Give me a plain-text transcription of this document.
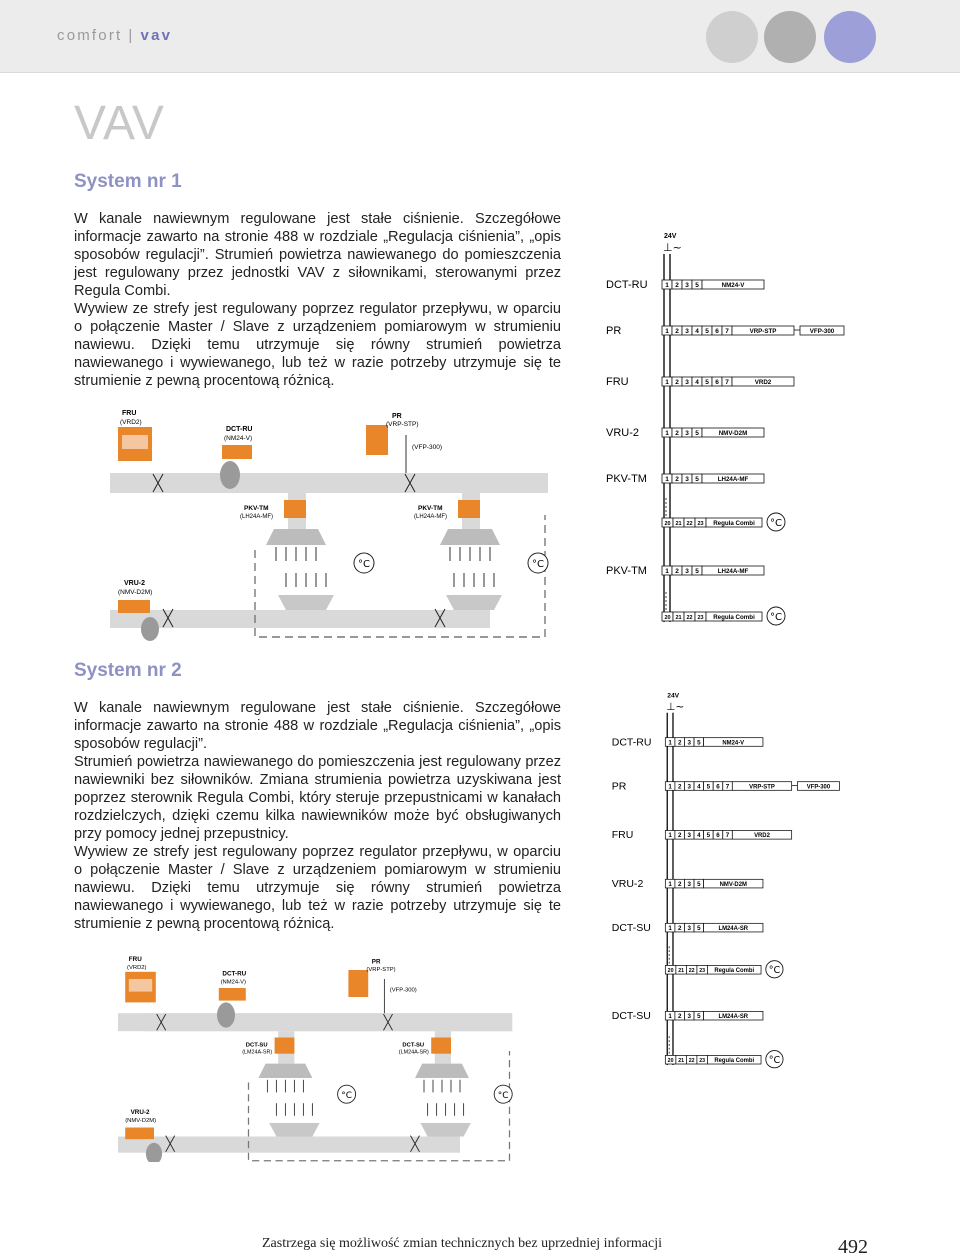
comfort | vav
VAV
System nr 1

W kanale nawiewnym regulowane jest stałe ciśnienie. Szczegółowe informacje zawarto na stronie 488 w rozdziale „Regulacja ciśnienia”, „opis sposobów regulacji”. Strumień powietrza nawiewanego do pomieszczenia jest regulowany przez jednostki VAV z siłownikami, sterowanymi przez Regula Combi.

Wywiew ze strefy jest regulowany poprzez regulator przepływu, w oparciu o połączenie Master / Slave z urządzeniem pomiarowym w strumieniu nawiewu. Dzięki temu utrzymuje się równy strumień powietrza nawiewanego i wywiewanego, lub też w razie potrzeby utrzymuje się te strumienie z pewną procentową różnicą.

24V
⊥~
DCT-RU	1 2 3 5	NM24-V
PR	1 2 3 4 5 6 7	VRP-STP	VFP-300
FRU	1 2 3 4 5 6 7	VRD2
VRU-2	1 2 3 5	NMV-D2M
PKV-TM	1 2 3 5	LH24A-MF
20 21 22 23 Regula Combi °C
PKV-TM	1 2 3 5	LH24A-MF
20 21 22 23 Regula Combi °C
FRU
(VRD2)
DCT-RU
(NM24-V)
PR
(VRP-STP)
(VFP-300)
PKV-TM
(LH24A-MF)
°C
PKV-TM
(LH24A-MF)
°C
VRU-2
(NMV-D2M)
System nr 2

W kanale nawiewnym regulowane jest stałe ciśnienie. Szczegółowe informacje zawarto na stronie 488 w rozdziale „Regulacja ciśnienia”, „opis sposobów regulacji”.

Strumień powietrza nawiewanego do pomieszczenia jest regulowany przez nawiewniki bez siłowników. Zmiana strumienia powietrza uzyskiwana jest poprzez sterownik Regula Combi, który steruje przepustnicami w kanałach rozdzielczych, dzięki czemu kilka nawiewników może być obsługiwanych przy pomocy jednej przepustnicy.

Wywiew ze strefy jest regulowany poprzez regulator przepływu, w oparciu o połączenie Master / Slave z urządzeniem pomiarowym w strumieniu nawiewu. Dzięki temu utrzymuje się równy strumień powietrza nawiewanego i wywiewanego, lub też w razie potrzeby utrzymuje się te strumienie z pewną procentową różnicą.

24V
⊥~
DCT-RU	1 2 3 5	NM24-V
PR	1 2 3 4 5 6 7	VRP-STP	VFP-300
FRU	1 2 3 4 5 6 7	VRD2
VRU-2	1 2 3 5	NMV-D2M
DCT-SU	1 2 3 5	LM24A-SR
20 21 22 23 Regula Combi °C
DCT-SU	1 2 3 5	LM24A-SR
20 21 22 23 Regula Combi °C
FRU
(VRD2)
DCT-RU
(NM24-V)
PR
(VRP-STP)
(VFP-300)
DCT-SU
(LM24A-SR)
°C
DCT-SU
(LM24A-SR)
°C
VRU-2
(NMV-D2M)
Zastrzega się możliwość zmian technicznych bez uprzedniej informacji	492
